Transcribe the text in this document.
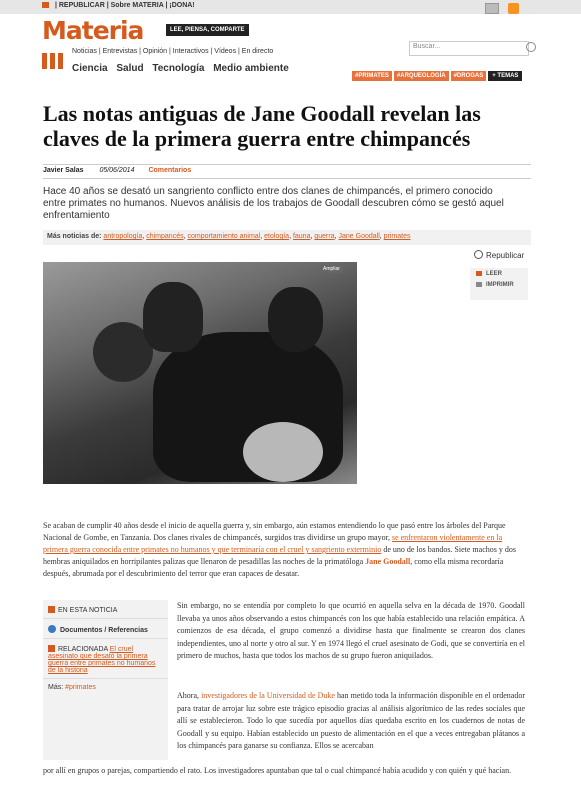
| REPUBLICAR | Sobre MATERIA | ¡DONA!

Materia	LEE, PIENSA, COMPARTE
Noticias | Entrevistas | Opinión | Interactivos | Vídeos | En directo
Ciencia Salud Tecnología Medio ambiente
Buscar...
#PRIMATES #ARQUEOLOGÍA #DROGAS + TEMAS
Las notas antiguas de Jane Goodall revelan las claves de la primera guerra entre chimpancés
Javier Salas 05/06/2014 Comentarios

Hace 40 años se desató un sangriento conflicto entre dos clanes de chimpancés, el primero conocido entre primates no humanos. Nuevos análisis de los trabajos de Goodall descubren cómo se gestó aquel enfrentamiento

Más noticias de: antropología, chimpancés, comportamiento animal, etología, fauna, guerra, Jane Goodall, primates
Ampliar
Republicar
LEER
IMPRIMIR

Se acaban de cumplir 40 años desde el inicio de aquella guerra y, sin embargo, aún estamos entendiendo lo que pasó entre los árboles del Parque Nacional de Gombe, en Tanzania. Dos clanes rivales de chimpancés, surgidos tras dividirse un grupo mayor, se enfrentaron violentamente en la primera guerra conocida entre primates no humanos y que terminaría con el cruel y sangriento exterminio de uno de los bandos. Siete machos y dos hembras aniquilados en horripilantes palizas que llenaron de pesadillas las noches de la primatóloga Jane Goodall, como ella misma recordaría después, abrumada por el descubrimiento del terror que eran capaces de desatar.

EN ESTA NOTICIA
Documentos / Referencias
RELACIONADA El cruel asesinato que desató la primera guerra entre primates no humanos de la historia
Más: #primates

Sin embargo, no se entendía por completo lo que ocurrió en aquella selva en la década de 1970. Goodall llevaba ya unos años observando a estos chimpancés con los que había establecido una relación empática. A comienzos de esa década, el grupo comenzó a dividirse hasta que finalmente se crearon dos clanes independientes, uno al norte y otro al sur. Y en 1974 llegó el cruel asesinato de Godi, que se convertiría en el primero de muchos, hasta que todos los machos de su grupo fueron aniquilados.

Ahora, investigadores de la Universidad de Duke han metido toda la información disponible en el ordenador para tratar de arrojar luz sobre este trágico episodio gracias al análisis algorítmico de las redes sociales que allí se establecieron. Todo lo que sucedía por aquellos días quedaba escrito en los cuadernos de notas de Goodall y su equipo. Habían establecido un puesto de alimentación en el que a veces entregaban plátanos a los chimpancés para ganarse su confianza. Ellos se acercaban

por allí en grupos o parejas, compartiendo el rato. Los investigadores apuntaban que tal o cual chimpancé había acudido y con quién y qué hacían.
